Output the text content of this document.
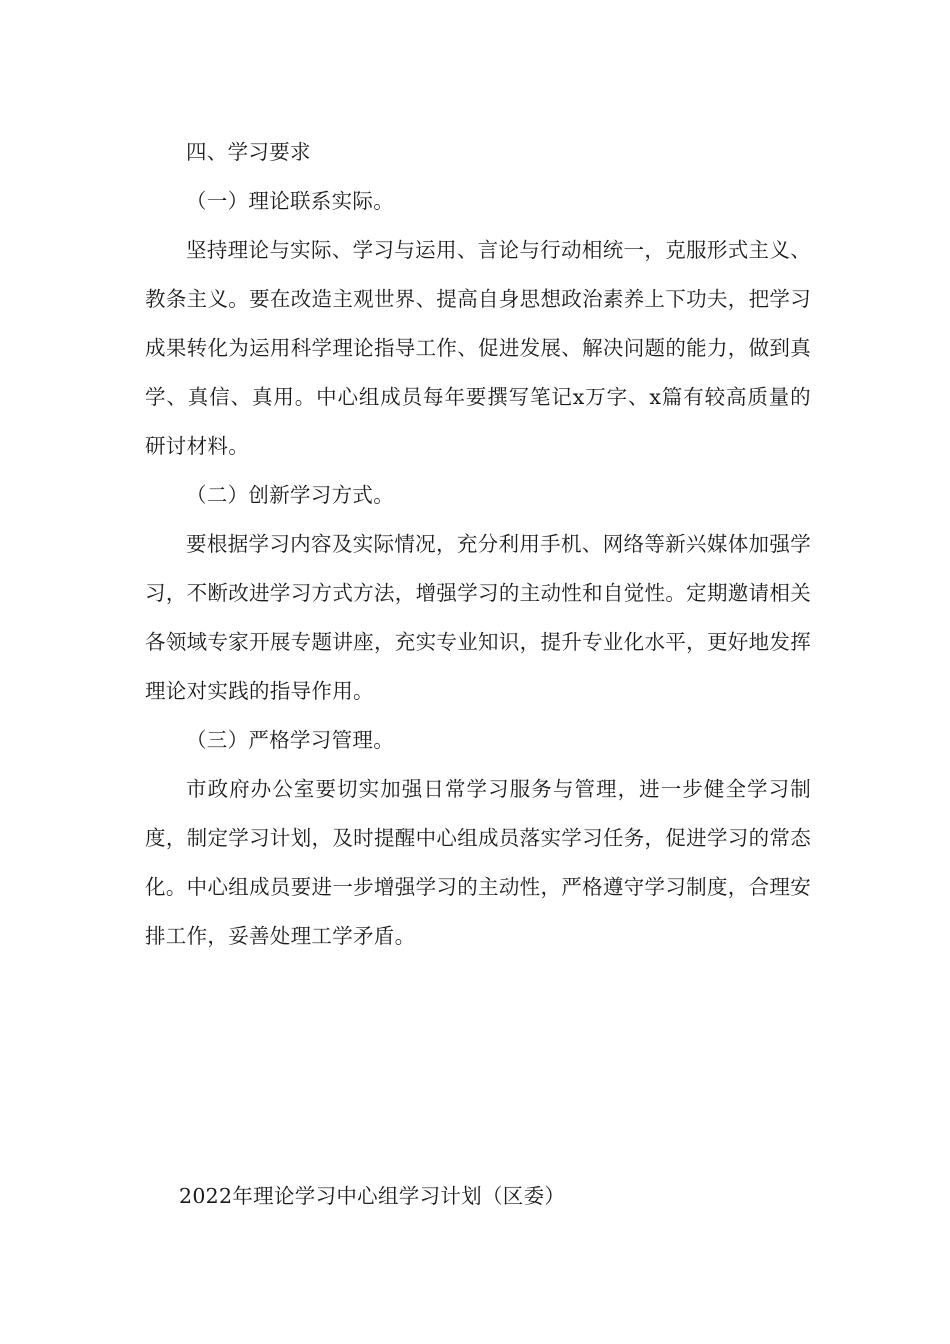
四、学习要求

（一）理论联系实际。

坚持理论与实际、学习与运用、言论与行动相统一，克服形式主义、教条主义。要在改造主观世界、提高自身思想政治素养上下功夫，把学习成果转化为运用科学理论指导工作、促进发展、解决问题的能力，做到真学、真信、真用。中心组成员每年要撰写笔记x万字、x篇有较高质量的研讨材料。

（二）创新学习方式。

要根据学习内容及实际情况，充分利用手机、网络等新兴媒体加强学习，不断改进学习方式方法，增强学习的主动性和自觉性。定期邀请相关各领域专家开展专题讲座，充实专业知识，提升专业化水平，更好地发挥理论对实践的指导作用。

（三）严格学习管理。

市政府办公室要切实加强日常学习服务与管理，进一步健全学习制度，制定学习计划，及时提醒中心组成员落实学习任务，促进学习的常态化。中心组成员要进一步增强学习的主动性，严格遵守学习制度，合理安排工作，妥善处理工学矛盾。

2022年理论学习中心组学习计划（区委）
